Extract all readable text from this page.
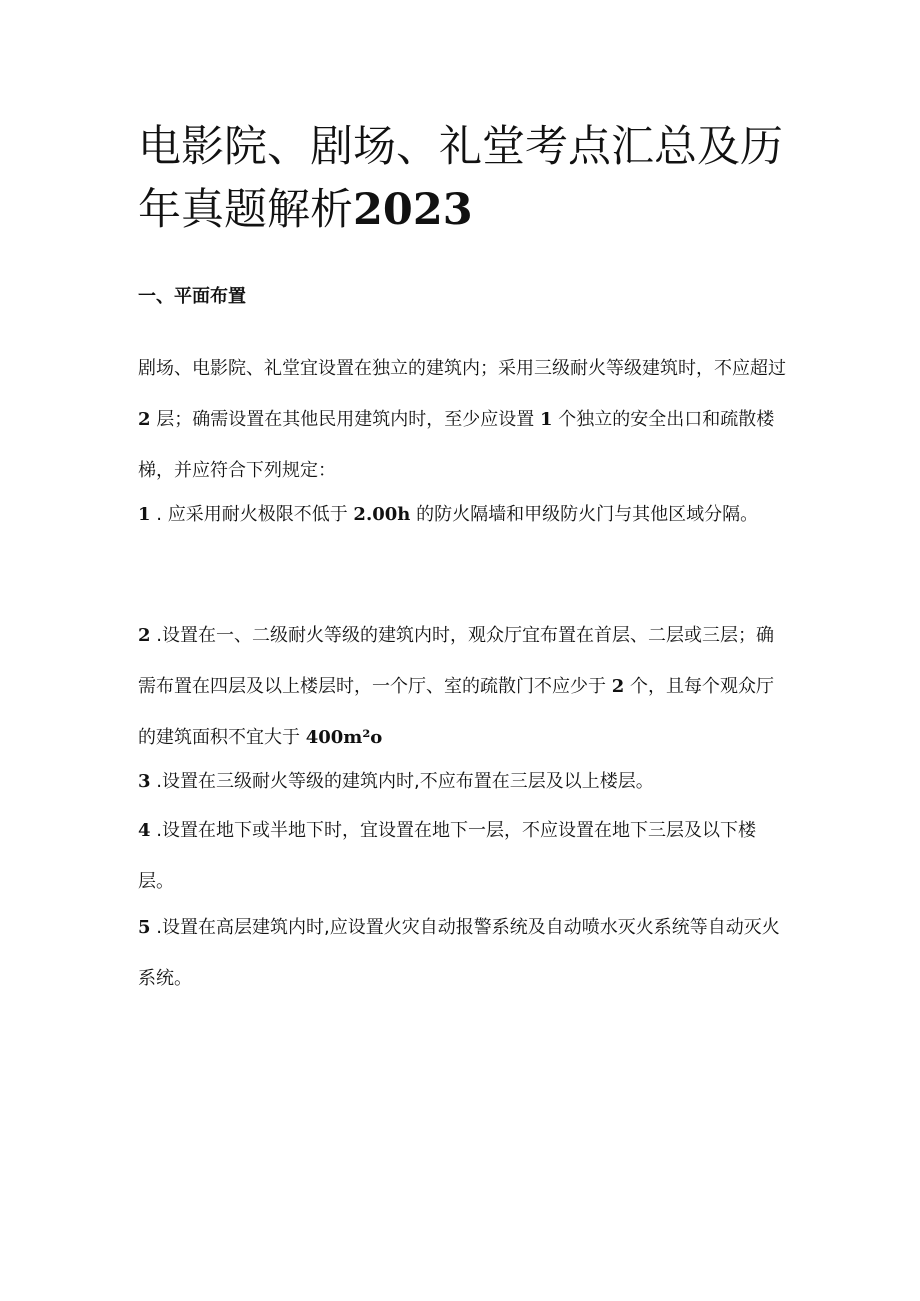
电影院、剧场、礼堂考点汇总及历年真题解析2023
一、平面布置

剧场、电影院、礼堂宜设置在独立的建筑内；采用三级耐火等级建筑时，不应超过 2 层；确需设置在其他民用建筑内时，至少应设置 1 个独立的安全出口和疏散楼梯，并应符合下列规定：

1 . 应采用耐火极限不低于 2.00h 的防火隔墙和甲级防火门与其他区域分隔。

2 .设置在一、二级耐火等级的建筑内时，观众厅宜布置在首层、二层或三层；确需布置在四层及以上楼层时，一个厅、室的疏散门不应少于 2 个，且每个观众厅的建筑面积不宜大于 400m²o

3 .设置在三级耐火等级的建筑内时,不应布置在三层及以上楼层。

4 .设置在地下或半地下时，宜设置在地下一层，不应设置在地下三层及以下楼层。

5 .设置在高层建筑内时,应设置火灾自动报警系统及自动喷水灭火系统等自动灭火系统。
